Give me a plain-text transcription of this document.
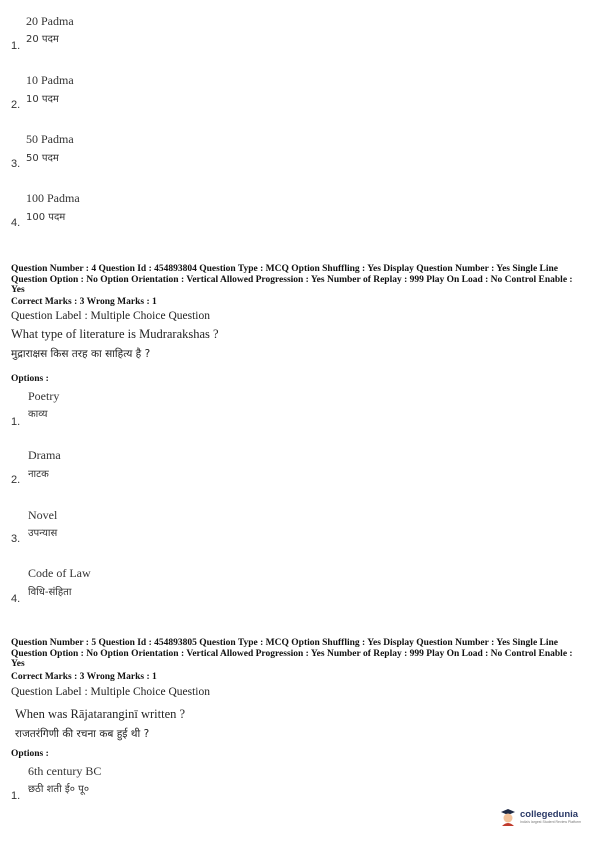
20 Padma
20 पदम
1.
10 Padma
10 पदम
2.
50 Padma
50 पदम
3.
100 Padma
100 पदम
4.
Question Number : 4 Question Id : 454893804 Question Type : MCQ Option Shuffling : Yes Display Question Number : Yes Single Line Question Option : No Option Orientation : Vertical Allowed Progression : Yes Number of Replay : 999 Play On Load : No Control Enable : Yes
Correct Marks : 3 Wrong Marks : 1
Question Label : Multiple Choice Question
What type of literature is Mudrarakshas ?
मुद्राराक्षस किस तरह का साहित्य है ?
Options :
Poetry
काव्य
1.
Drama
नाटक
2.
Novel
उपन्यास
3.
Code of Law
विधि-संहिता
4.
Question Number : 5 Question Id : 454893805 Question Type : MCQ Option Shuffling : Yes Display Question Number : Yes Single Line Question Option : No Option Orientation : Vertical Allowed Progression : Yes Number of Replay : 999 Play On Load : No Control Enable : Yes
Correct Marks : 3 Wrong Marks : 1
Question Label : Multiple Choice Question
When was Rājataranginī written ?
राजतरंगिणी की रचना कब हुई थी ?
Options :
6th century BC
छठी शती ई० पू०
1.
collegedunia
India's largest Student Review Platform
